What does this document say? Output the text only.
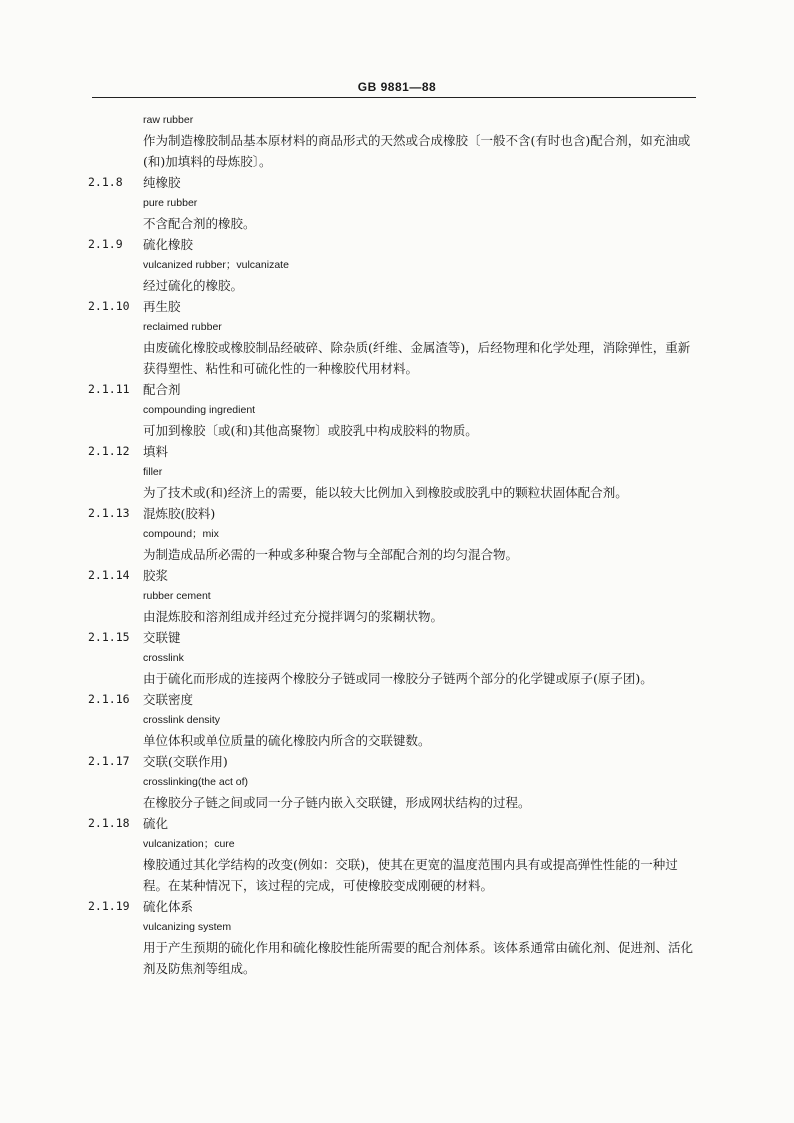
GB 9881—88
raw rubber
作为制造橡胶制品基本原材料的商品形式的天然或合成橡胶〔一般不含(有时也含)配合剂，如充油或(和)加填料的母炼胶〕。
2.1.8	纯橡胶
pure rubber
不含配合剂的橡胶。
2.1.9	硫化橡胶
vulcanized rubber；vulcanizate
经过硫化的橡胶。
2.1.10	再生胶
reclaimed rubber
由废硫化橡胶或橡胶制品经破碎、除杂质(纤维、金属渣等)，后经物理和化学处理，消除弹性，重新获得塑性、粘性和可硫化性的一种橡胶代用材料。
2.1.11	配合剂
compounding ingredient
可加到橡胶〔或(和)其他高聚物〕或胶乳中构成胶料的物质。
2.1.12	填料
filler
为了技术或(和)经济上的需要，能以较大比例加入到橡胶或胶乳中的颗粒状固体配合剂。
2.1.13	混炼胶(胶料)
compound；mix
为制造成品所必需的一种或多种聚合物与全部配合剂的均匀混合物。
2.1.14	胶浆
rubber cement
由混炼胶和溶剂组成并经过充分搅拌调匀的浆糊状物。
2.1.15	交联键
crosslink
由于硫化而形成的连接两个橡胶分子链或同一橡胶分子链两个部分的化学键或原子(原子团)。
2.1.16	交联密度
crosslink density
单位体积或单位质量的硫化橡胶内所含的交联键数。
2.1.17	交联(交联作用)
crosslinking(the act of)
在橡胶分子链之间或同一分子链内嵌入交联键，形成网状结构的过程。
2.1.18	硫化
vulcanization；cure
橡胶通过其化学结构的改变(例如：交联)，使其在更宽的温度范围内具有或提高弹性性能的一种过程。在某种情况下，该过程的完成，可使橡胶变成刚硬的材料。
2.1.19	硫化体系
vulcanizing system
用于产生预期的硫化作用和硫化橡胶性能所需要的配合剂体系。该体系通常由硫化剂、促进剂、活化剂及防焦剂等组成。
